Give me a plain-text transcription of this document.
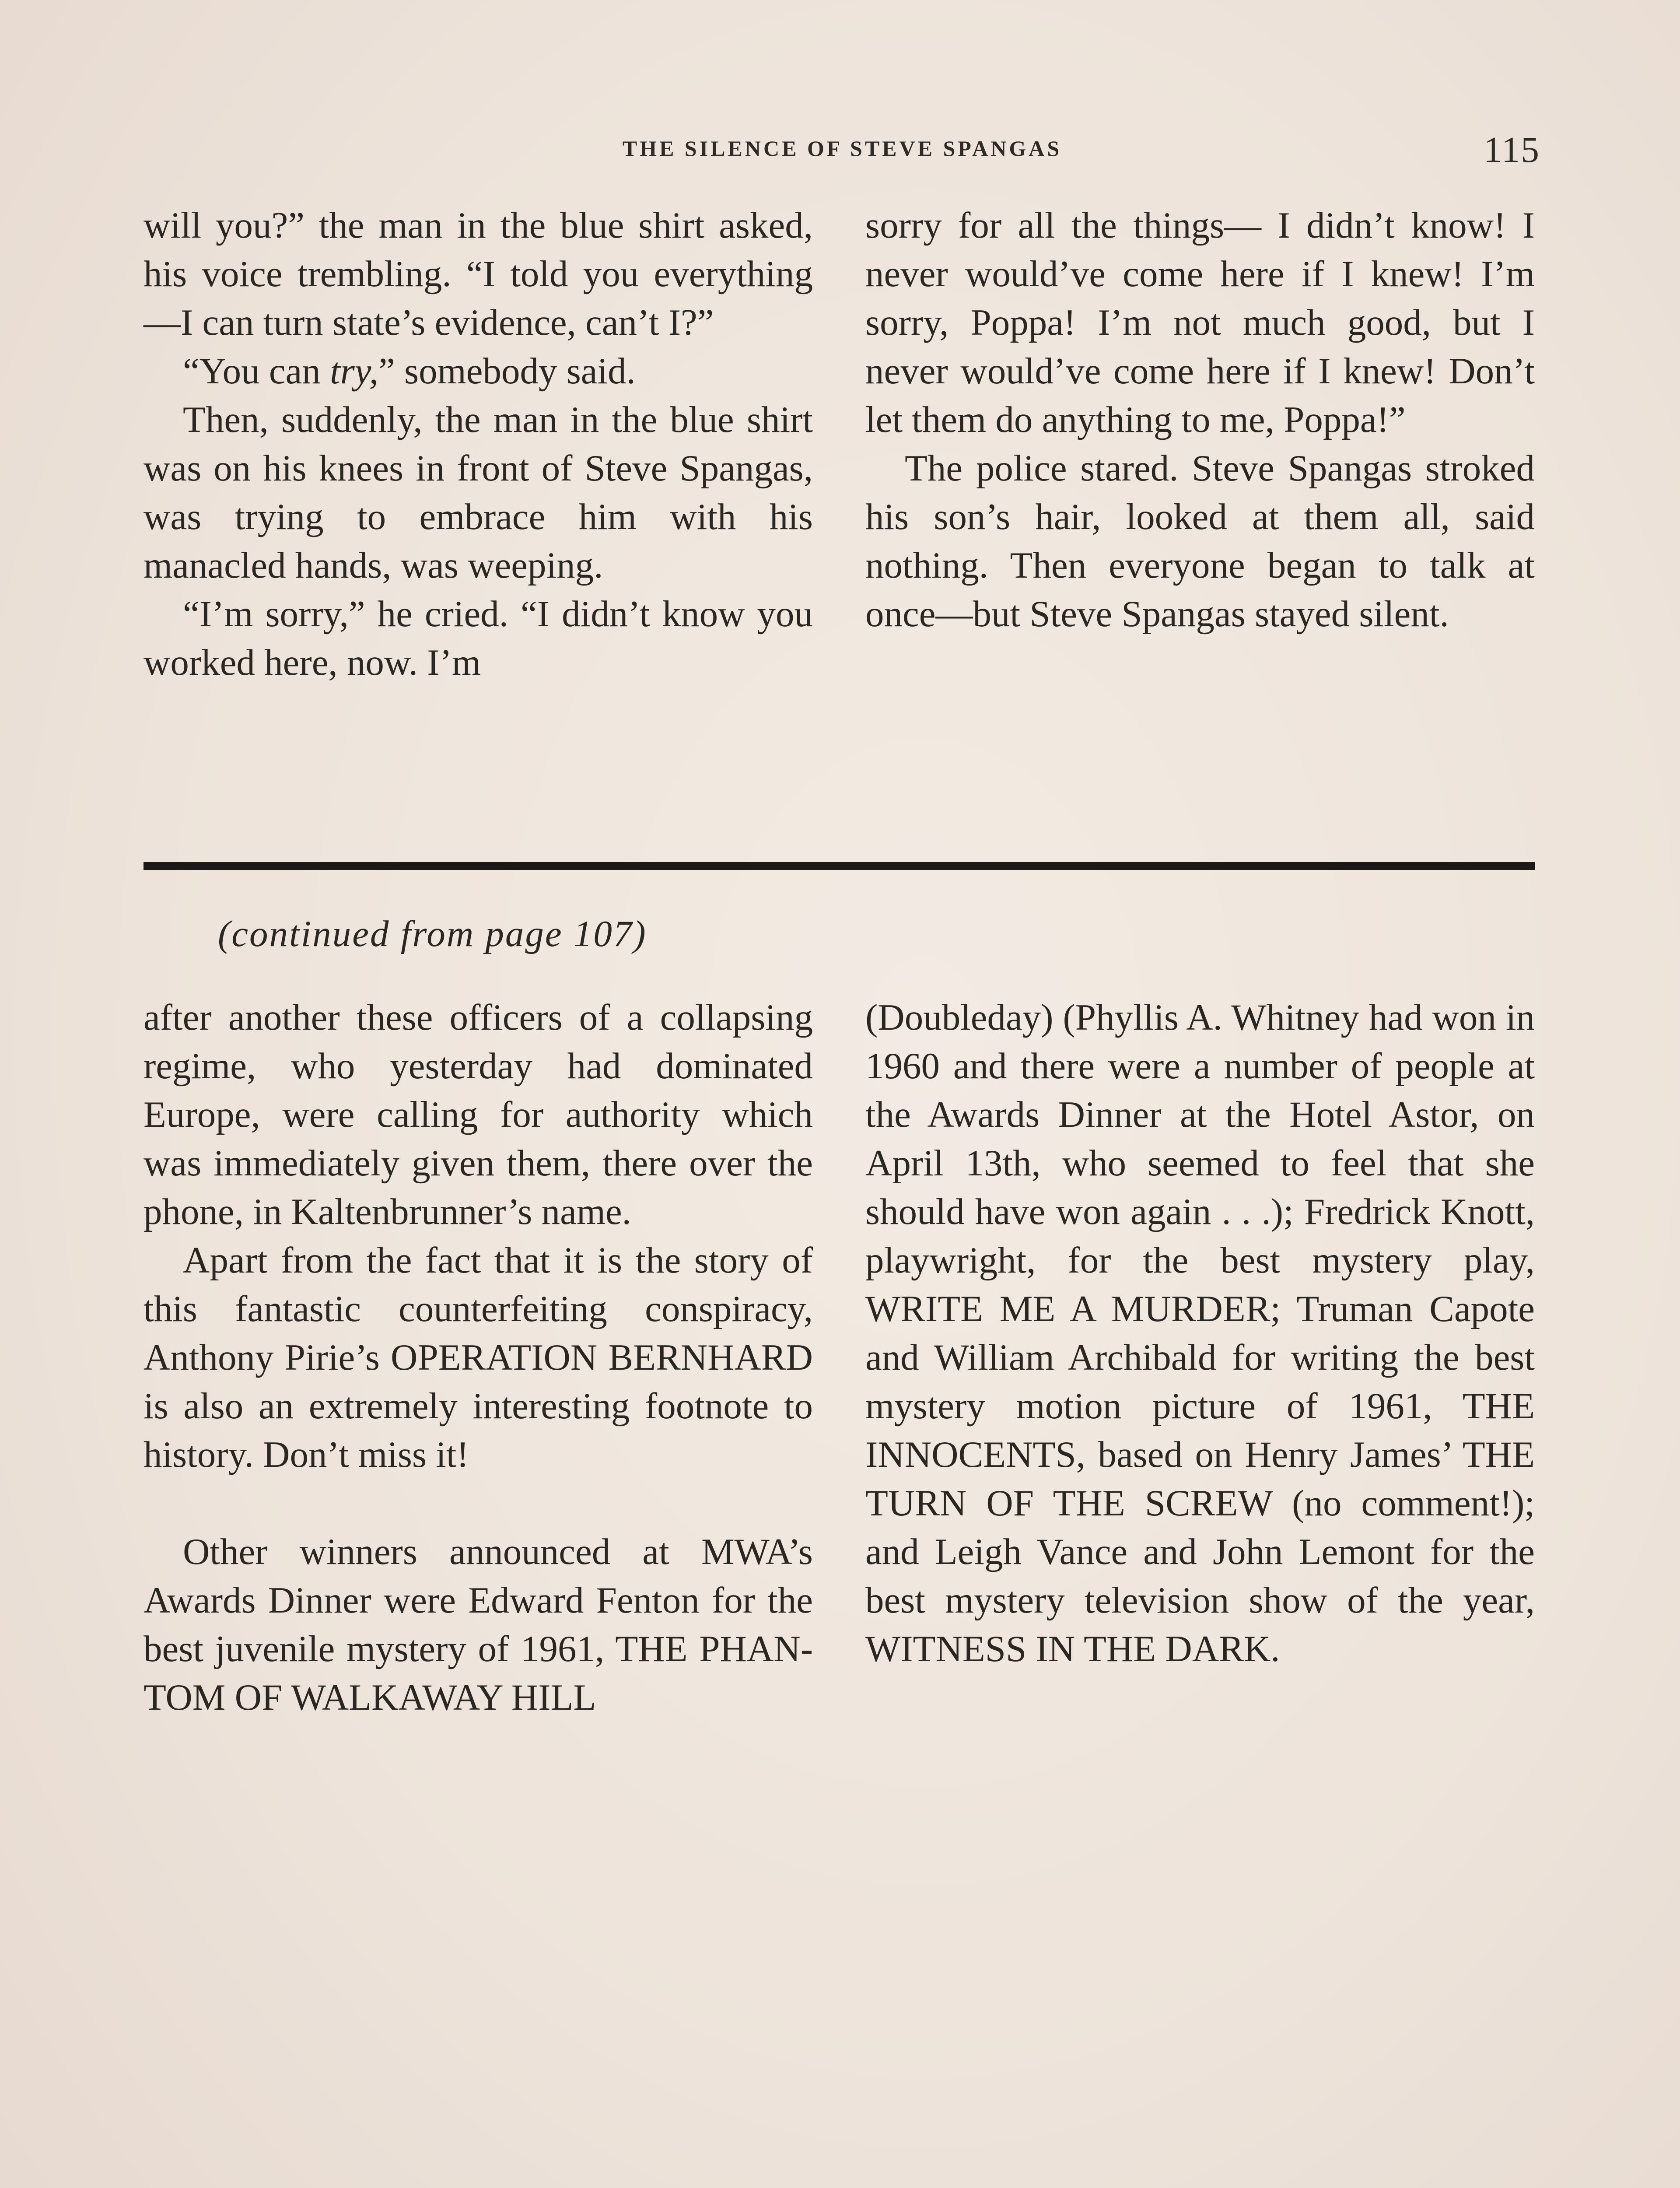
THE SILENCE OF STEVE SPANGAS	115

will you?” the man in the blue shirt asked, his voice trembling. “I told you everything—I can turn state’s evidence, can’t I?”

“You can try,” somebody said.

Then, suddenly, the man in the blue shirt was on his knees in front of Steve Spangas, was trying to embrace him with his manacled hands, was weeping.

“I’m sorry,” he cried. “I didn’t know you worked here, now. I’m

sorry for all the things— I didn’t know! I never would’ve come here if I knew! I’m sorry, Poppa! I’m not much good, but I never would’ve come here if I knew! Don’t let them do anything to me, Poppa!”

The police stared. Steve Spangas stroked his son’s hair, looked at them all, said nothing. Then everyone began to talk at once—but Steve Spangas stayed silent.

(continued from page 107)

after another these officers of a collapsing regime, who yesterday had dominated Europe, were calling for authority which was immediately given them, there over the phone, in Kaltenbrunner’s name.

Apart from the fact that it is the story of this fantastic counterfeiting conspiracy, Anthony Pirie’s OPERATION BERNHARD is also an extremely interesting footnote to history. Don’t miss it!

Other winners announced at MWA’s Awards Dinner were Edward Fenton for the best juvenile mystery of 1961, THE PHANTOM OF WALKAWAY HILL

(Doubleday) (Phyllis A. Whitney had won in 1960 and there were a number of people at the Awards Dinner at the Hotel Astor, on April 13th, who seemed to feel that she should have won again . . .); Fredrick Knott, playwright, for the best mystery play, WRITE ME A MURDER; Truman Capote and William Archibald for writing the best mystery motion picture of 1961, THE INNOCENTS, based on Henry James’ THE TURN OF THE SCREW (no comment!); and Leigh Vance and John Lemont for the best mystery television show of the year, WITNESS IN THE DARK.
